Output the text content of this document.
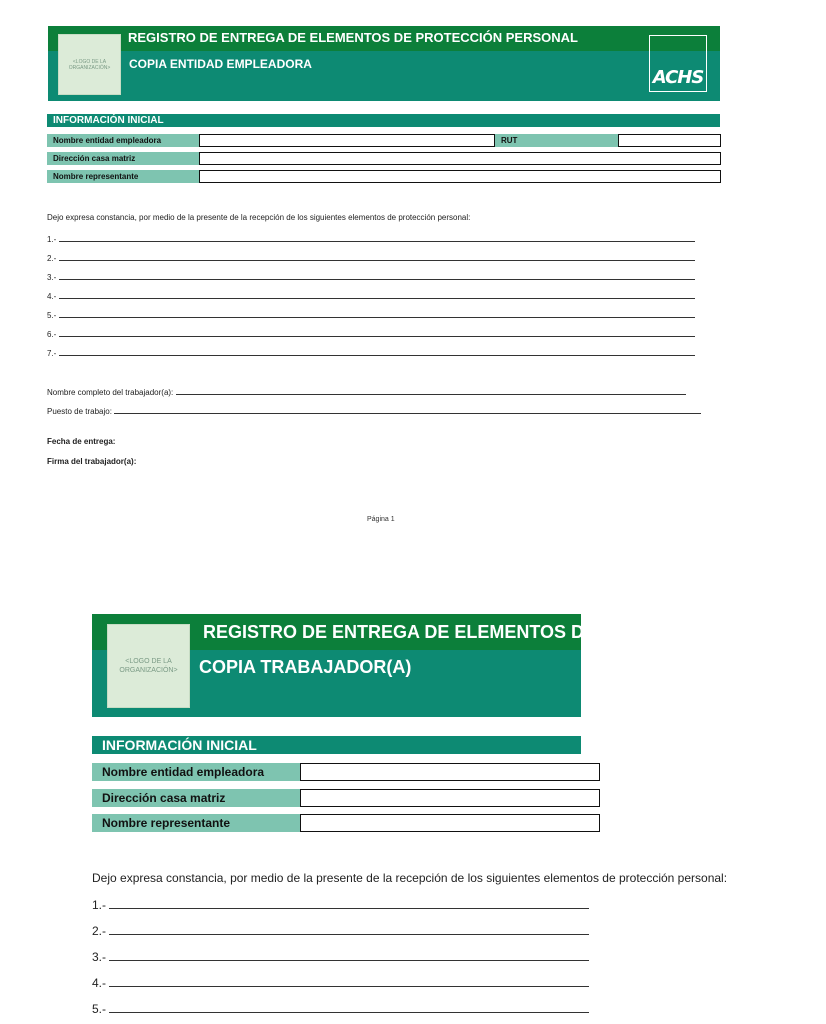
<LOGO DE LA ORGANIZACIÓN>
REGISTRO DE ENTREGA DE ELEMENTOS DE PROTECCIÓN PERSONAL
COPIA ENTIDAD EMPLEADORA
ACHS
INFORMACIÓN INICIAL
Nombre entidad empleadora	RUT
Dirección casa matriz
Nombre representante
Dejo expresa constancia, por medio de la presente de la recepción de los siguientes elementos de protección personal:
1.-
2.-
3.-
4.-
5.-
6.-
7.-
Nombre completo del trabajador(a):
Puesto de trabajo:
Fecha de entrega:
Firma del trabajador(a):
Página 1
<LOGO DE LA ORGANIZACIÓN>
REGISTRO DE ENTREGA DE ELEMENTOS DE PROTECCIÓN PERSONAL
COPIA TRABAJADOR(A)
INFORMACIÓN INICIAL
Nombre entidad empleadora
Dirección casa matriz
Nombre representante
Dejo expresa constancia, por medio de la presente de la recepción de los siguientes elementos de protección personal:
1.-
2.-
3.-
4.-
5.-
